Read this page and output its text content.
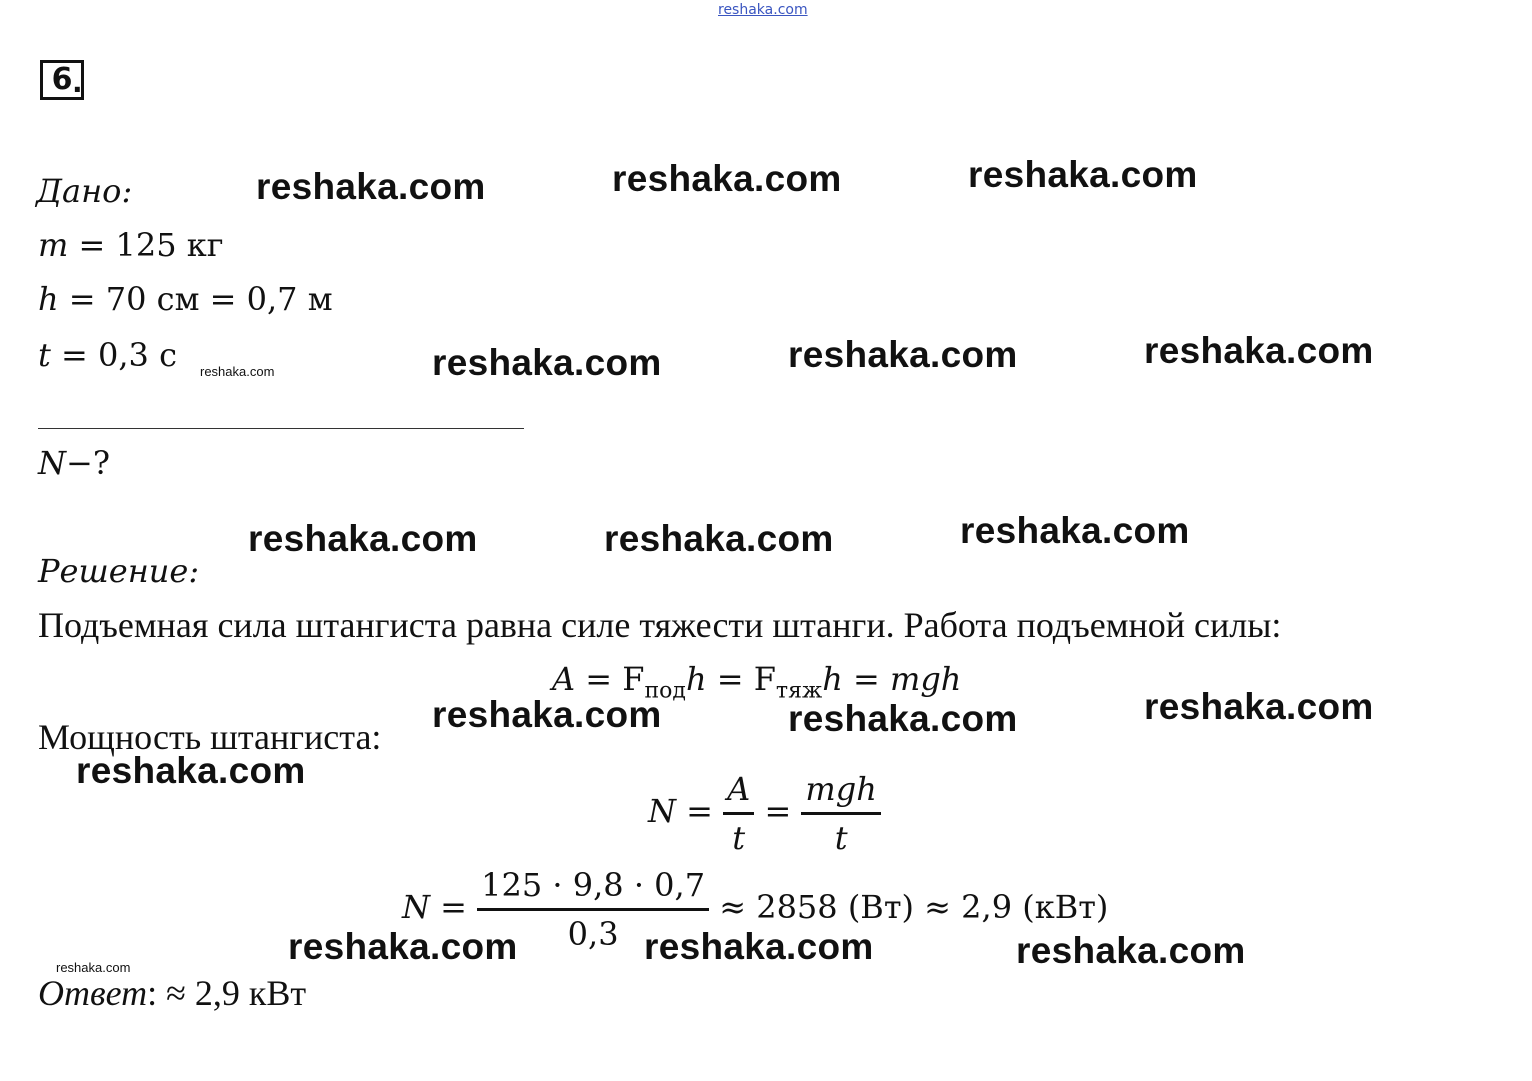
reshaka.com
6 .
Дано:
m = 125 кг
h = 70 см = 0,7 м
t = 0,3 с
N−?
Решение:
Подъемная сила штангиста равна силе тяжести штанги. Работа подъемной силы:
$A = F_{под}h = F_{тяж}h$ = mgh
Мощность штангиста:
$N = \frac{A}{t} = \frac{\text{mgh}}{t}$
$N = \frac{125 \cdot 9,8 \cdot 0,7}{0,3} \approx 2858$ (Вт) ≈ 2,9 (кВт)
Ответ: ≈ 2,9 кВт
reshaka.com	reshaka.com	reshaka.com
reshaka.com	reshaka.com	reshaka.com	reshaka.com
reshaka.com	reshaka.com	reshaka.com
reshaka.com	reshaka.com	reshaka.com
reshaka.com
reshaka.com	reshaka.com	reshaka.com
reshaka.com
